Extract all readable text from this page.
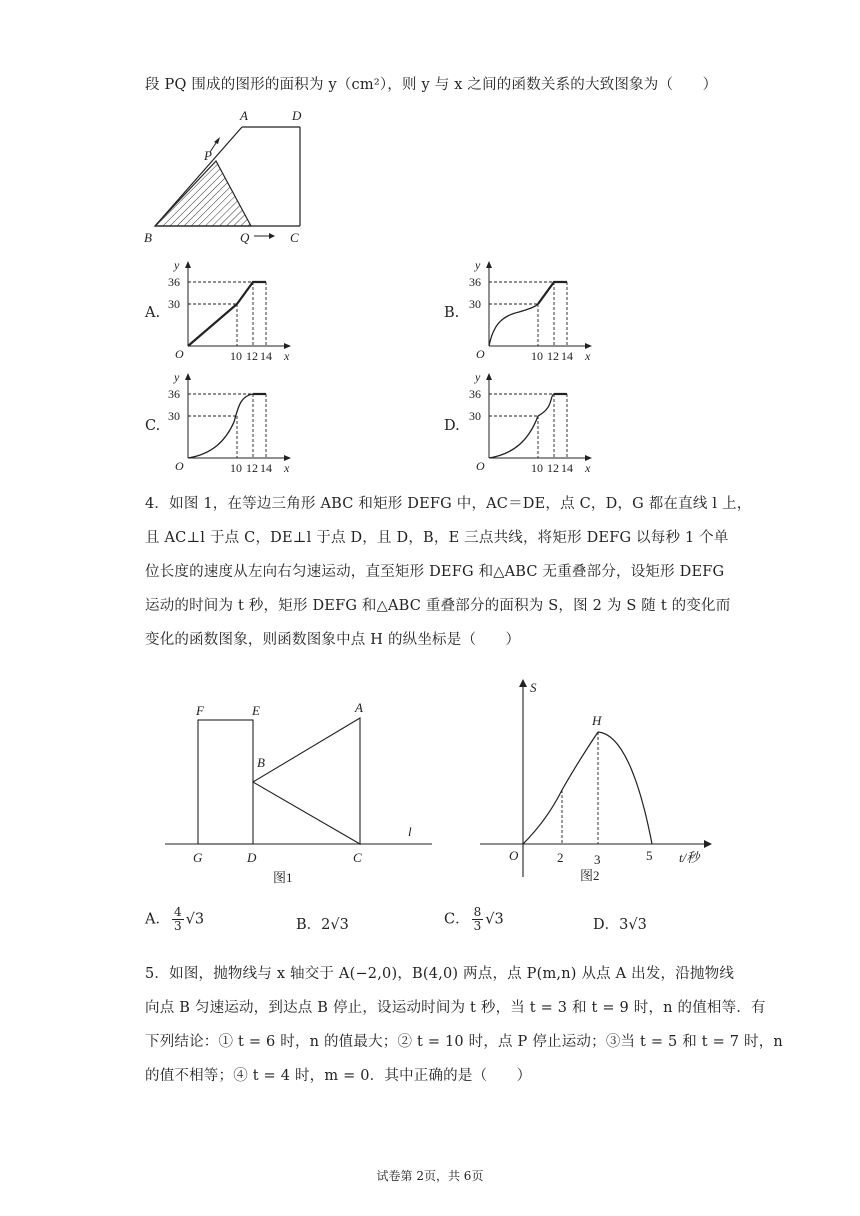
段 PQ 围成的图形的面积为 y（cm²），则 y 与 x 之间的函数关系的大致图象为（　　）
A	D
P
B	Q	C
A.	B.
C.	D.
y
36
30
O	10 12 14 x
y
36
30
O	10 12 14 x
y
36
30
O	10 12 14 x
y
36
30
O	10 12 14 x
4．如图 1，在等边三角形 ABC 和矩形 DEFG 中，AC＝DE，点 C，D，G 都在直线 l 上，
且 AC⊥l 于点 C，DE⊥l 于点 D，且 D，B，E 三点共线，将矩形 DEFG 以每秒 1 个单
位长度的速度从左向右匀速运动，直至矩形 DEFG 和△ABC 无重叠部分，设矩形 DEFG
运动的时间为 t 秒，矩形 DEFG 和△ABC 重叠部分的面积为 S，图 2 为 S 随 t 的变化而
变化的函数图象，则函数图象中点 H 的纵坐标是（　　）
F	E	A
B
G	D	C
l
图1
S
H
O	2 3	5 t/秒
图2
A． $\frac{4}{3} √3$	B．2√3	C． $\frac{8}{3} √3$	D．3√3
5．如图，抛物线与 x 轴交于 A(−2,0)，B(4,0) 两点，点 P(m,n) 从点 A 出发，沿抛物线
向点 B 匀速运动，到达点 B 停止，设运动时间为 t 秒，当 t = 3 和 t = 9 时，n 的值相等．有
下列结论：① t = 6 时，n 的值最大；② t = 10 时，点 P 停止运动；③当 t = 5 和 t = 7 时，n
的值不相等；④ t = 4 时，m = 0．其中正确的是（　　）
试卷第 2页，共 6页
